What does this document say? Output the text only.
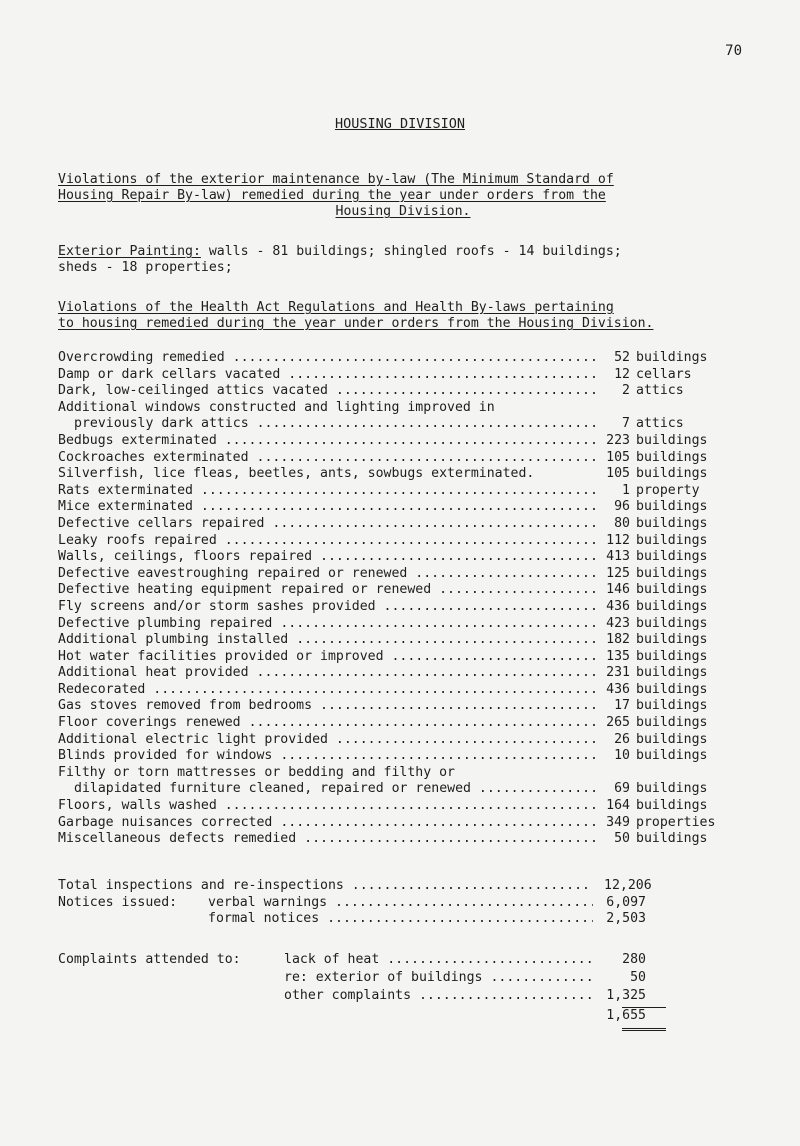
70
HOUSING DIVISION
Violations of the exterior maintenance by-law (The Minimum Standard of
Housing Repair By-law) remedied during the year under orders from the

Housing Division.
Exterior Painting: walls - 81 buildings; shingled roofs - 14 buildings;
sheds - 18 properties;
Violations of the Health Act Regulations and Health By-laws pertaining
to housing remedied during the year under orders from the Housing Division.
Overcrowding remedied .....	52 buildings
Damp or dark cellars vacated .....	12 cellars
Dark, low-ceilinged attics vacated .....	2 attics
Additional windows constructed and lighting improved in
previously dark attics .....	7 attics
Bedbugs exterminated .....	223 buildings
Cockroaches exterminated .....	105 buildings
Silverfish, lice fleas, beetles, ants, sowbugs exterminated.	105 buildings
Rats exterminated .....	1 property
Mice exterminated .....	96 buildings
Defective cellars repaired .....	80 buildings
Leaky roofs repaired .....	112 buildings
Walls, ceilings, floors repaired .....	413 buildings
Defective eavestroughing repaired or renewed .....	125 buildings
Defective heating equipment repaired or renewed .....	146 buildings
Fly screens and/or storm sashes provided .....	436 buildings
Defective plumbing repaired .....	423 buildings
Additional plumbing installed .....	182 buildings
Hot water facilities provided or improved .....	135 buildings
Additional heat provided .....	231 buildings
Redecorated .....	436 buildings
Gas stoves removed from bedrooms .....	17 buildings
Floor coverings renewed .....	265 buildings
Additional electric light provided .....	26 buildings
Blinds provided for windows .....	10 buildings
Filthy or torn mattresses or bedding and filthy or
dilapidated furniture cleaned, repaired or renewed .....	69 buildings
Floors, walls washed .....	164 buildings
Garbage nuisances corrected .....	349 properties
Miscellaneous defects remedied .....	50 buildings
Total inspections and re-inspections .....	12,206
Notices issued:	verbal warnings .....	6,097
formal notices .....	2,503
Complaints attended to:	lack of heat .....	280
re: exterior of buildings .....	50
other complaints .....	1,325
1,655
